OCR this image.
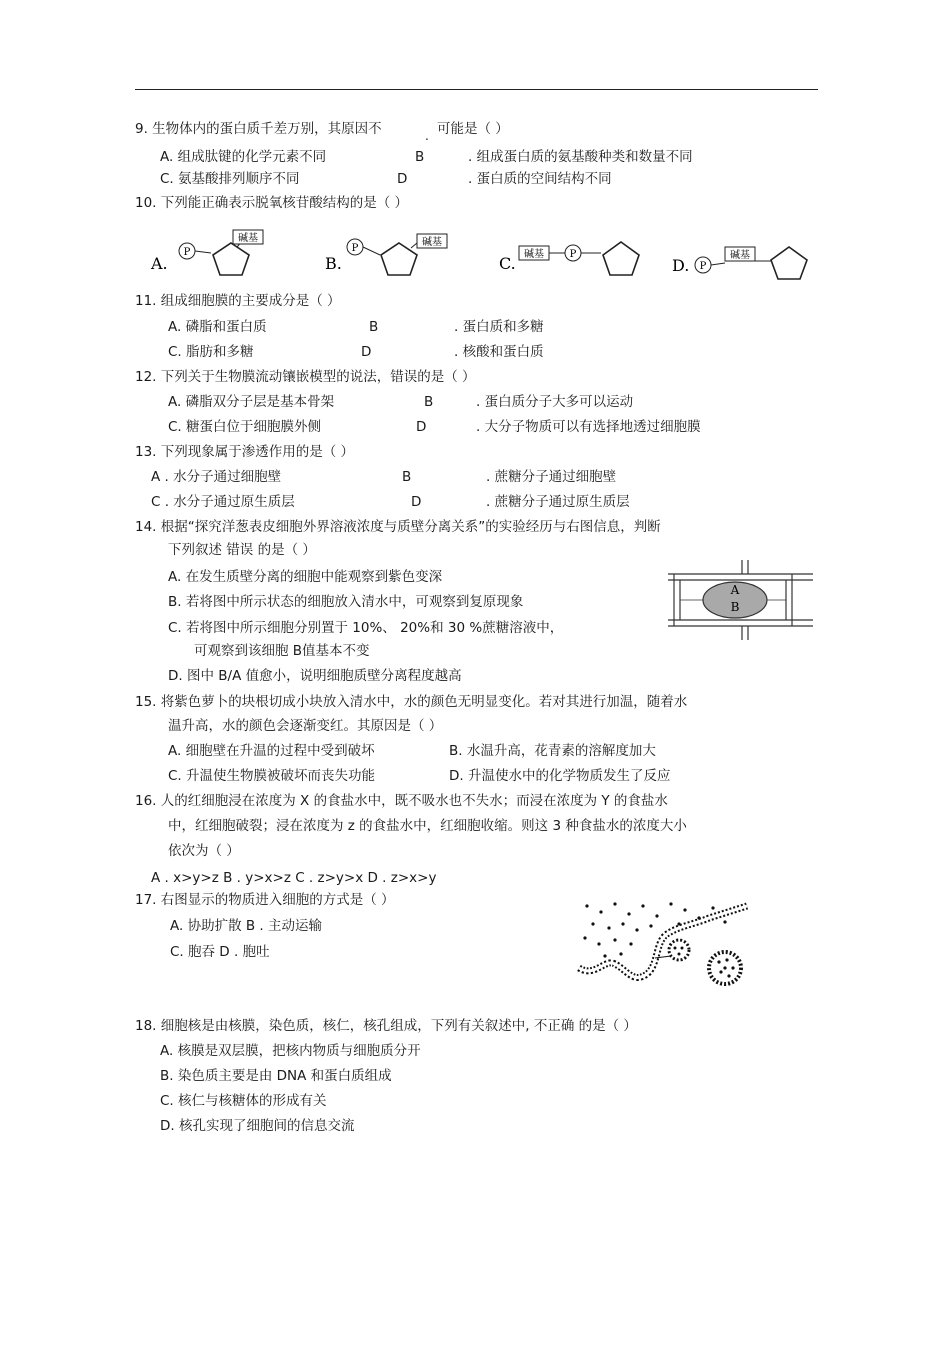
9. 生物体内的蛋白质千差万别，其原因不	. 可能是（ ）
A. 组成肽键的化学元素不同	B	. 组成蛋白质的氨基酸种类和数量不同
C. 氨基酸排列顺序不同	D	. 蛋白质的空间结构不同
10. 下列能正确表示脱氧核苷酸结构的是（ ）
A.
P
碱基
B.
P
碱基
C. 碱基	P
D. P
碱基
11. 组成细胞膜的主要成分是（ ）
A. 磷脂和蛋白质	B	. 蛋白质和多糖
C. 脂肪和多糖	D	. 核酸和蛋白质
12. 下列关于生物膜流动镶嵌模型的说法，错误的是（ ）
A. 磷脂双分子层是基本骨架	B	. 蛋白质分子大多可以运动
C. 糖蛋白位于细胞膜外侧	D	. 大分子物质可以有选择地透过细胞膜
13. 下列现象属于渗透作用的是（ ）
A . 水分子通过细胞壁	B	. 蔗糖分子通过细胞壁
C . 水分子通过原生质层	D	. 蔗糖分子通过原生质层
14. 根据“探究洋葱表皮细胞外界溶液浓度与质壁分离关系”的实验经历与右图信息，判断
下列叙述 错误 的是（ ）
A. 在发生质壁分离的细胞中能观察到紫色变深
B. 若将图中所示状态的细胞放入清水中，可观察到复原现象
C. 若将图中所示细胞分别置于 10%、 20%和 30 %蔗糖溶液中，
可观察到该细胞 B值基本不变
D. 图中 B/A 值愈小，说明细胞质壁分离程度越高
A
B
15. 将紫色萝卜的块根切成小块放入清水中，水的颜色无明显变化。若对其进行加温，随着水
温升高，水的颜色会逐渐变红。其原因是（ ）
A. 细胞壁在升温的过程中受到破坏	B. 水温升高，花青素的溶解度加大
C. 升温使生物膜被破坏而丧失功能	D. 升温使水中的化学物质发生了反应
16. 人的红细胞浸在浓度为 X 的食盐水中，既不吸水也不失水；而浸在浓度为 Y 的食盐水
中，红细胞破裂；浸在浓度为 z 的食盐水中，红细胞收缩。则这 3 种食盐水的浓度大小
依次为（ ）
A . x>y>z B . y>x>z C . z>y>x D . z>x>y
17. 右图显示的物质进入细胞的方式是（ ）
A. 协助扩散 B . 主动运输
C. 胞吞 D . 胞吐
18. 细胞核是由核膜，染色质，核仁，核孔组成，下列有关叙述中, 不正确 的是（ ）
A. 核膜是双层膜，把核内物质与细胞质分开
B. 染色质主要是由 DNA 和蛋白质组成
C. 核仁与核糖体的形成有关
D. 核孔实现了细胞间的信息交流
